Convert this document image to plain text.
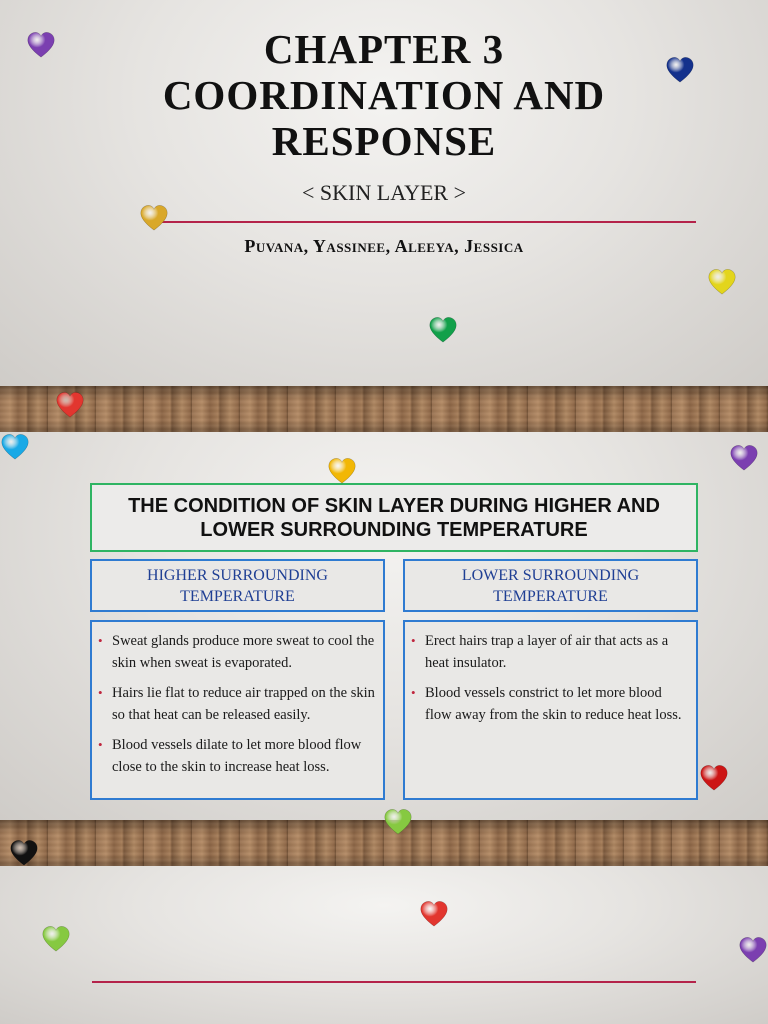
CHAPTER 3
COORDINATION AND
RESPONSE
< SKIN LAYER >
Puvana, Yassinee, Aleeya, Jessica
THE CONDITION OF SKIN LAYER DURING HIGHER AND LOWER SURROUNDING TEMPERATURE
HIGHER SURROUNDING TEMPERATURE
LOWER SURROUNDING TEMPERATURE
• Sweat glands produce more sweat to cool the skin when sweat is evaporated.
• Hairs lie flat to reduce air trapped on the skin so that heat can be released easily.
• Blood vessels dilate to let more blood flow close to the skin to increase heat loss.
• Erect hairs trap a layer of air that acts as a heat insulator.
• Blood vessels constrict to let more blood flow away from the skin to reduce heat loss.
